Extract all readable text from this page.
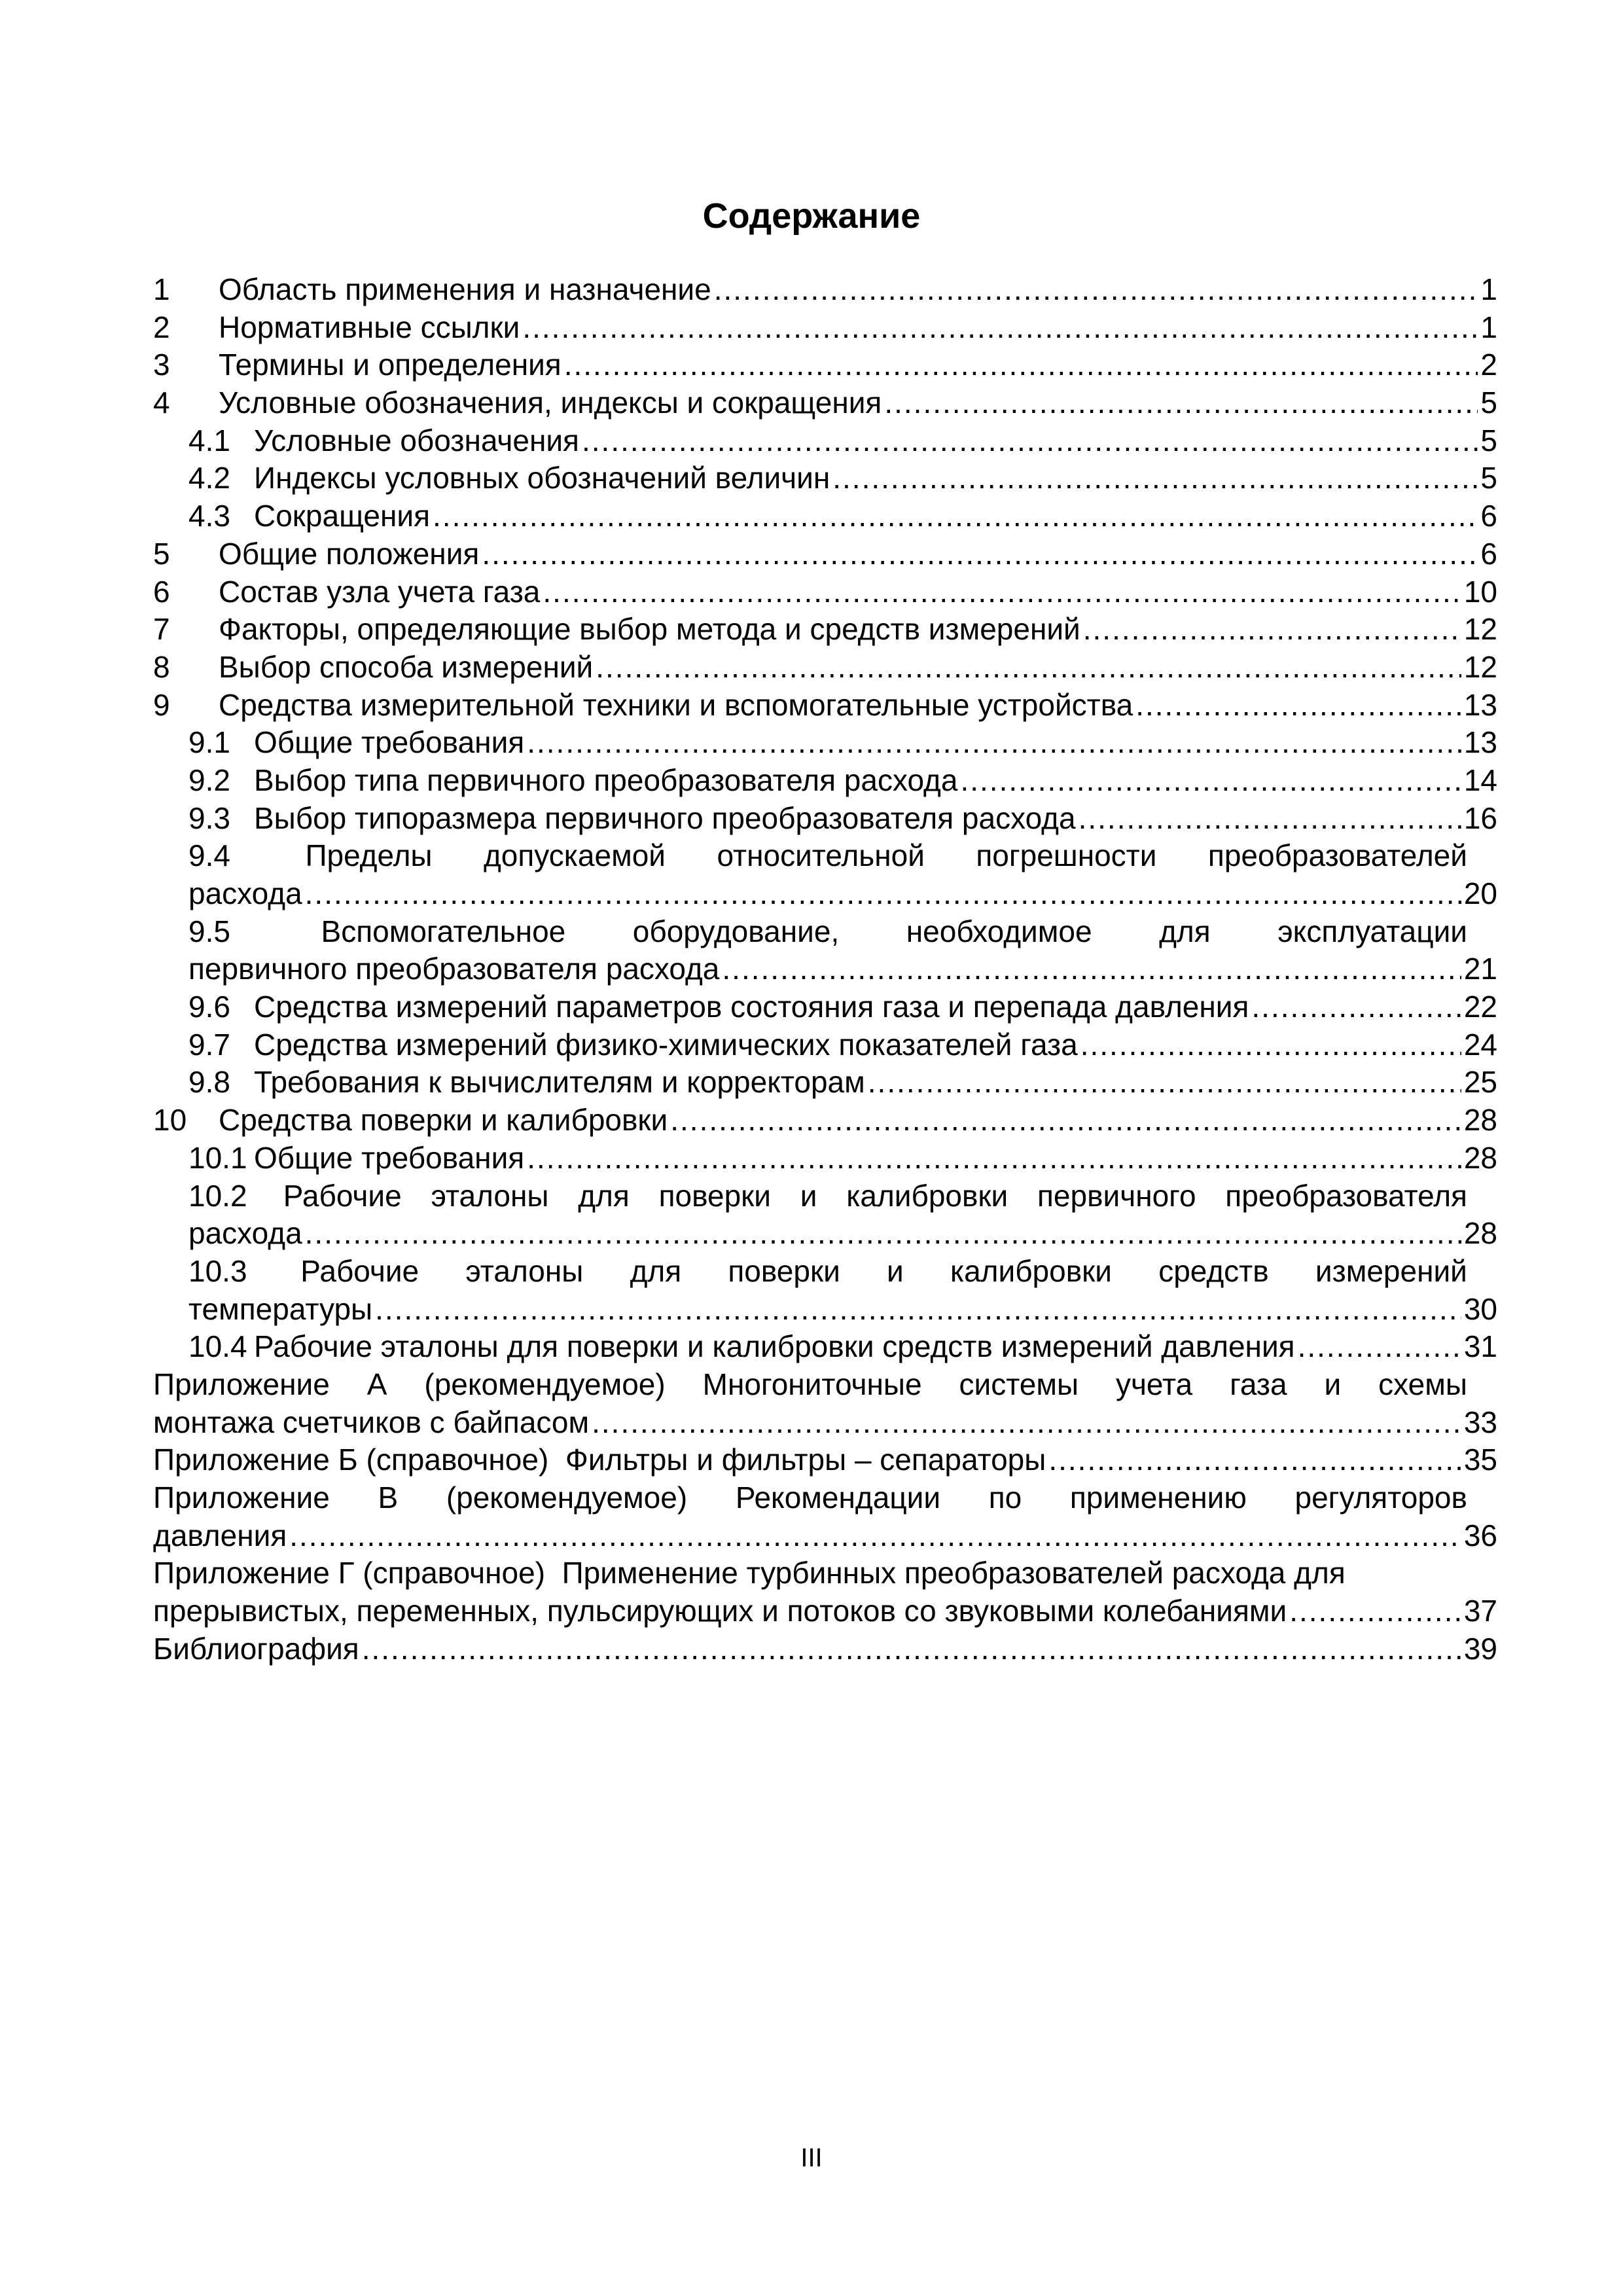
Содержание
1	Область применения и назначение .....	1
2	Нормативные ссылки .....	1
3	Термины и определения .....	2
4	Условные обозначения, индексы и сокращения .....	5
4.1 Условные обозначения .....	5
4.2 Индексы условных обозначений величин .....	5
4.3 Сокращения .....	6
5	Общие положения .....	6
6	Состав узла учета газа .....	10
7	Факторы, определяющие выбор метода и средств измерений .....	12
8	Выбор способа измерений .....	12
9	Средства измерительной техники и вспомогательные устройства .....	13
9.1 Общие требования .....	13
9.2 Выбор типа первичного преобразователя расхода .....	14
9.3 Выбор типоразмера первичного преобразователя расхода .....	16
9.4	Пределы допускаемой относительной погрешности преобразователей
расхода .....	20
9.5	Вспомогательное оборудование, необходимое для эксплуатации
первичного преобразователя расхода .....	21
9.6 Средства измерений параметров состояния газа и перепада давления .....	22
9.7 Средства измерений физико-химических показателей газа .....	24
9.8 Требования к вычислителям и корректорам .....	25
10	Средства поверки и калибровки .....	28
10.1 Общие требования .....	28
10.2 Рабочие эталоны для поверки и калибровки первичного преобразователя
расхода .....	28
10.3 Рабочие эталоны для поверки и калибровки средств измерений
температуры .....	30
10.4 Рабочие эталоны для поверки и калибровки средств измерений давления .....	31
Приложение А (рекомендуемое) Многониточные системы учета газа и схемы
монтажа счетчиков с байпасом .....	33
Приложение Б (справочное)  Фильтры и фильтры – сепараторы .....	35
Приложение В (рекомендуемое) Рекомендации по применению регуляторов
давления .....	36
Приложение Г (справочное)  Применение турбинных преобразователей расхода для
прерывистых, переменных, пульсирующих и потоков со звуковыми колебаниями .....	37
Библиография .....	39
III
